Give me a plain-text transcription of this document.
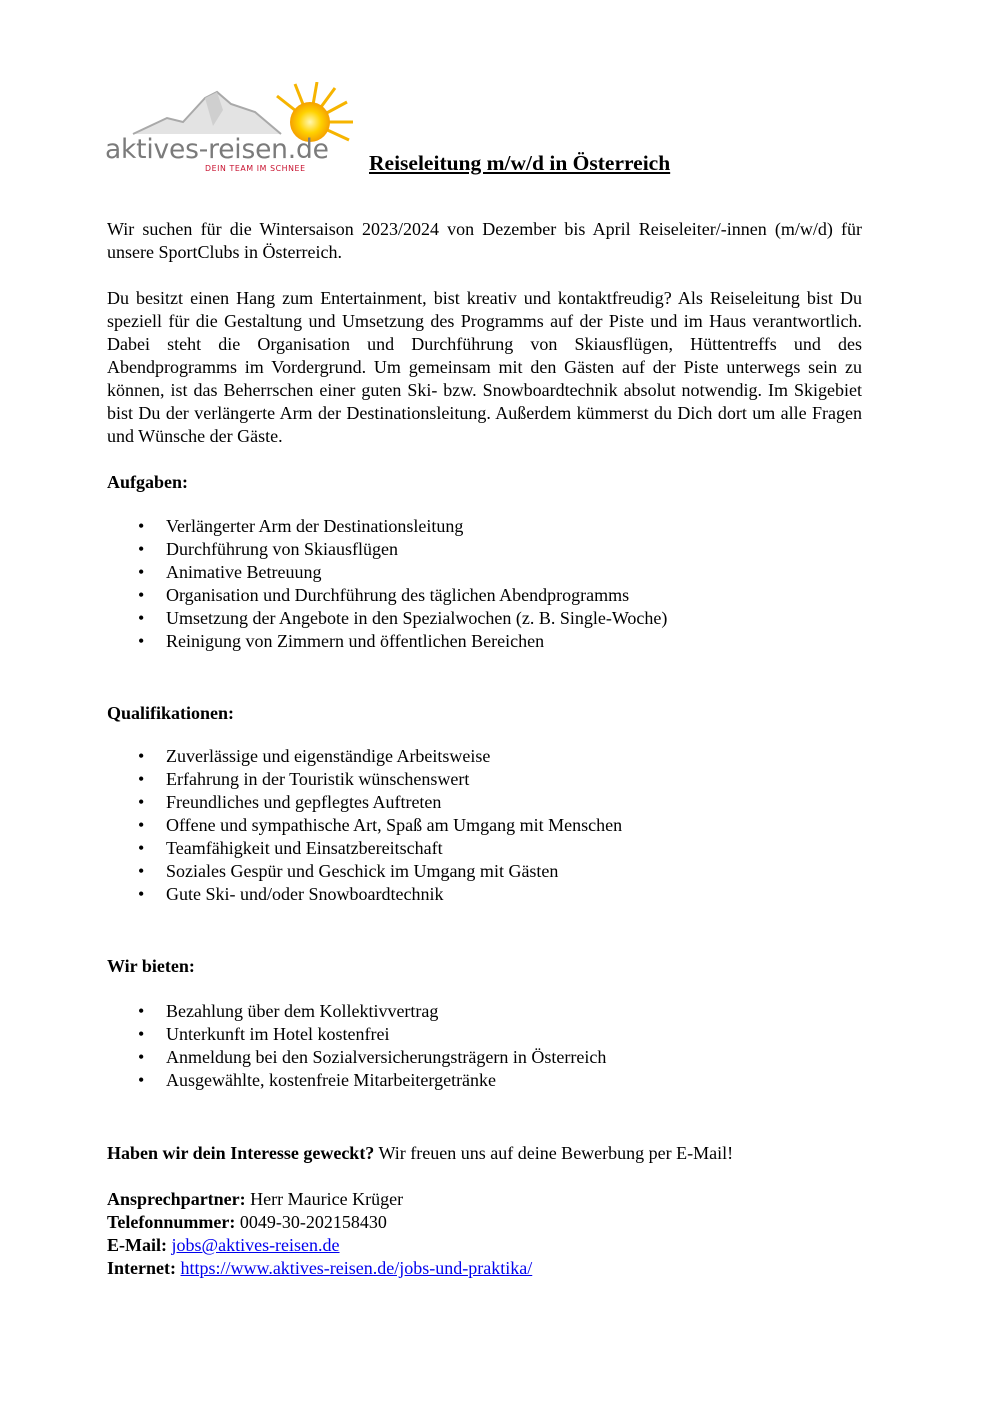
aktives-reisen.de
DEIN TEAM IM SCHNEE	Reiseleitung m/w/d in Österreich

Wir suchen für die Wintersaison 2023/2024 von Dezember bis April Reiseleiter/-innen (m/w/d) für unsere SportClubs in Österreich.

Du besitzt einen Hang zum Entertainment, bist kreativ und kontaktfreudig? Als Reiseleitung bist Du speziell für die Gestaltung und Umsetzung des Programms auf der Piste und im Haus verantwortlich. Dabei steht die Organisation und Durchführung von Skiausflügen, Hüttentreffs und des Abendprogramms im Vordergrund. Um gemeinsam mit den Gästen auf der Piste unterwegs sein zu können, ist das Beherrschen einer guten Ski- bzw. Snowboardtechnik absolut notwendig. Im Skigebiet bist Du der verlängerte Arm der Destinationsleitung. Außerdem kümmerst du Dich dort um alle Fragen und Wünsche der Gäste.

Aufgaben:
• Verlängerter Arm der Destinationsleitung
• Durchführung von Skiausflügen
• Animative Betreuung
• Organisation und Durchführung des täglichen Abendprogramms
• Umsetzung der Angebote in den Spezialwochen (z. B. Single-Woche)
• Reinigung von Zimmern und öffentlichen Bereichen
Qualifikationen:
• Zuverlässige und eigenständige Arbeitsweise
• Erfahrung in der Touristik wünschenswert
• Freundliches und gepflegtes Auftreten
• Offene und sympathische Art, Spaß am Umgang mit Menschen
• Teamfähigkeit und Einsatzbereitschaft
• Soziales Gespür und Geschick im Umgang mit Gästen
• Gute Ski- und/oder Snowboardtechnik
Wir bieten:
• Bezahlung über dem Kollektivvertrag
• Unterkunft im Hotel kostenfrei
• Anmeldung bei den Sozialversicherungsträgern in Österreich
• Ausgewählte, kostenfreie Mitarbeitergetränke

Haben wir dein Interesse geweckt? Wir freuen uns auf deine Bewerbung per E-Mail!

Ansprechpartner: Herr Maurice Krüger
Telefonnummer: 0049-30-202158430
E-Mail: jobs@aktives-reisen.de
Internet: https://www.aktives-reisen.de/jobs-und-praktika/
